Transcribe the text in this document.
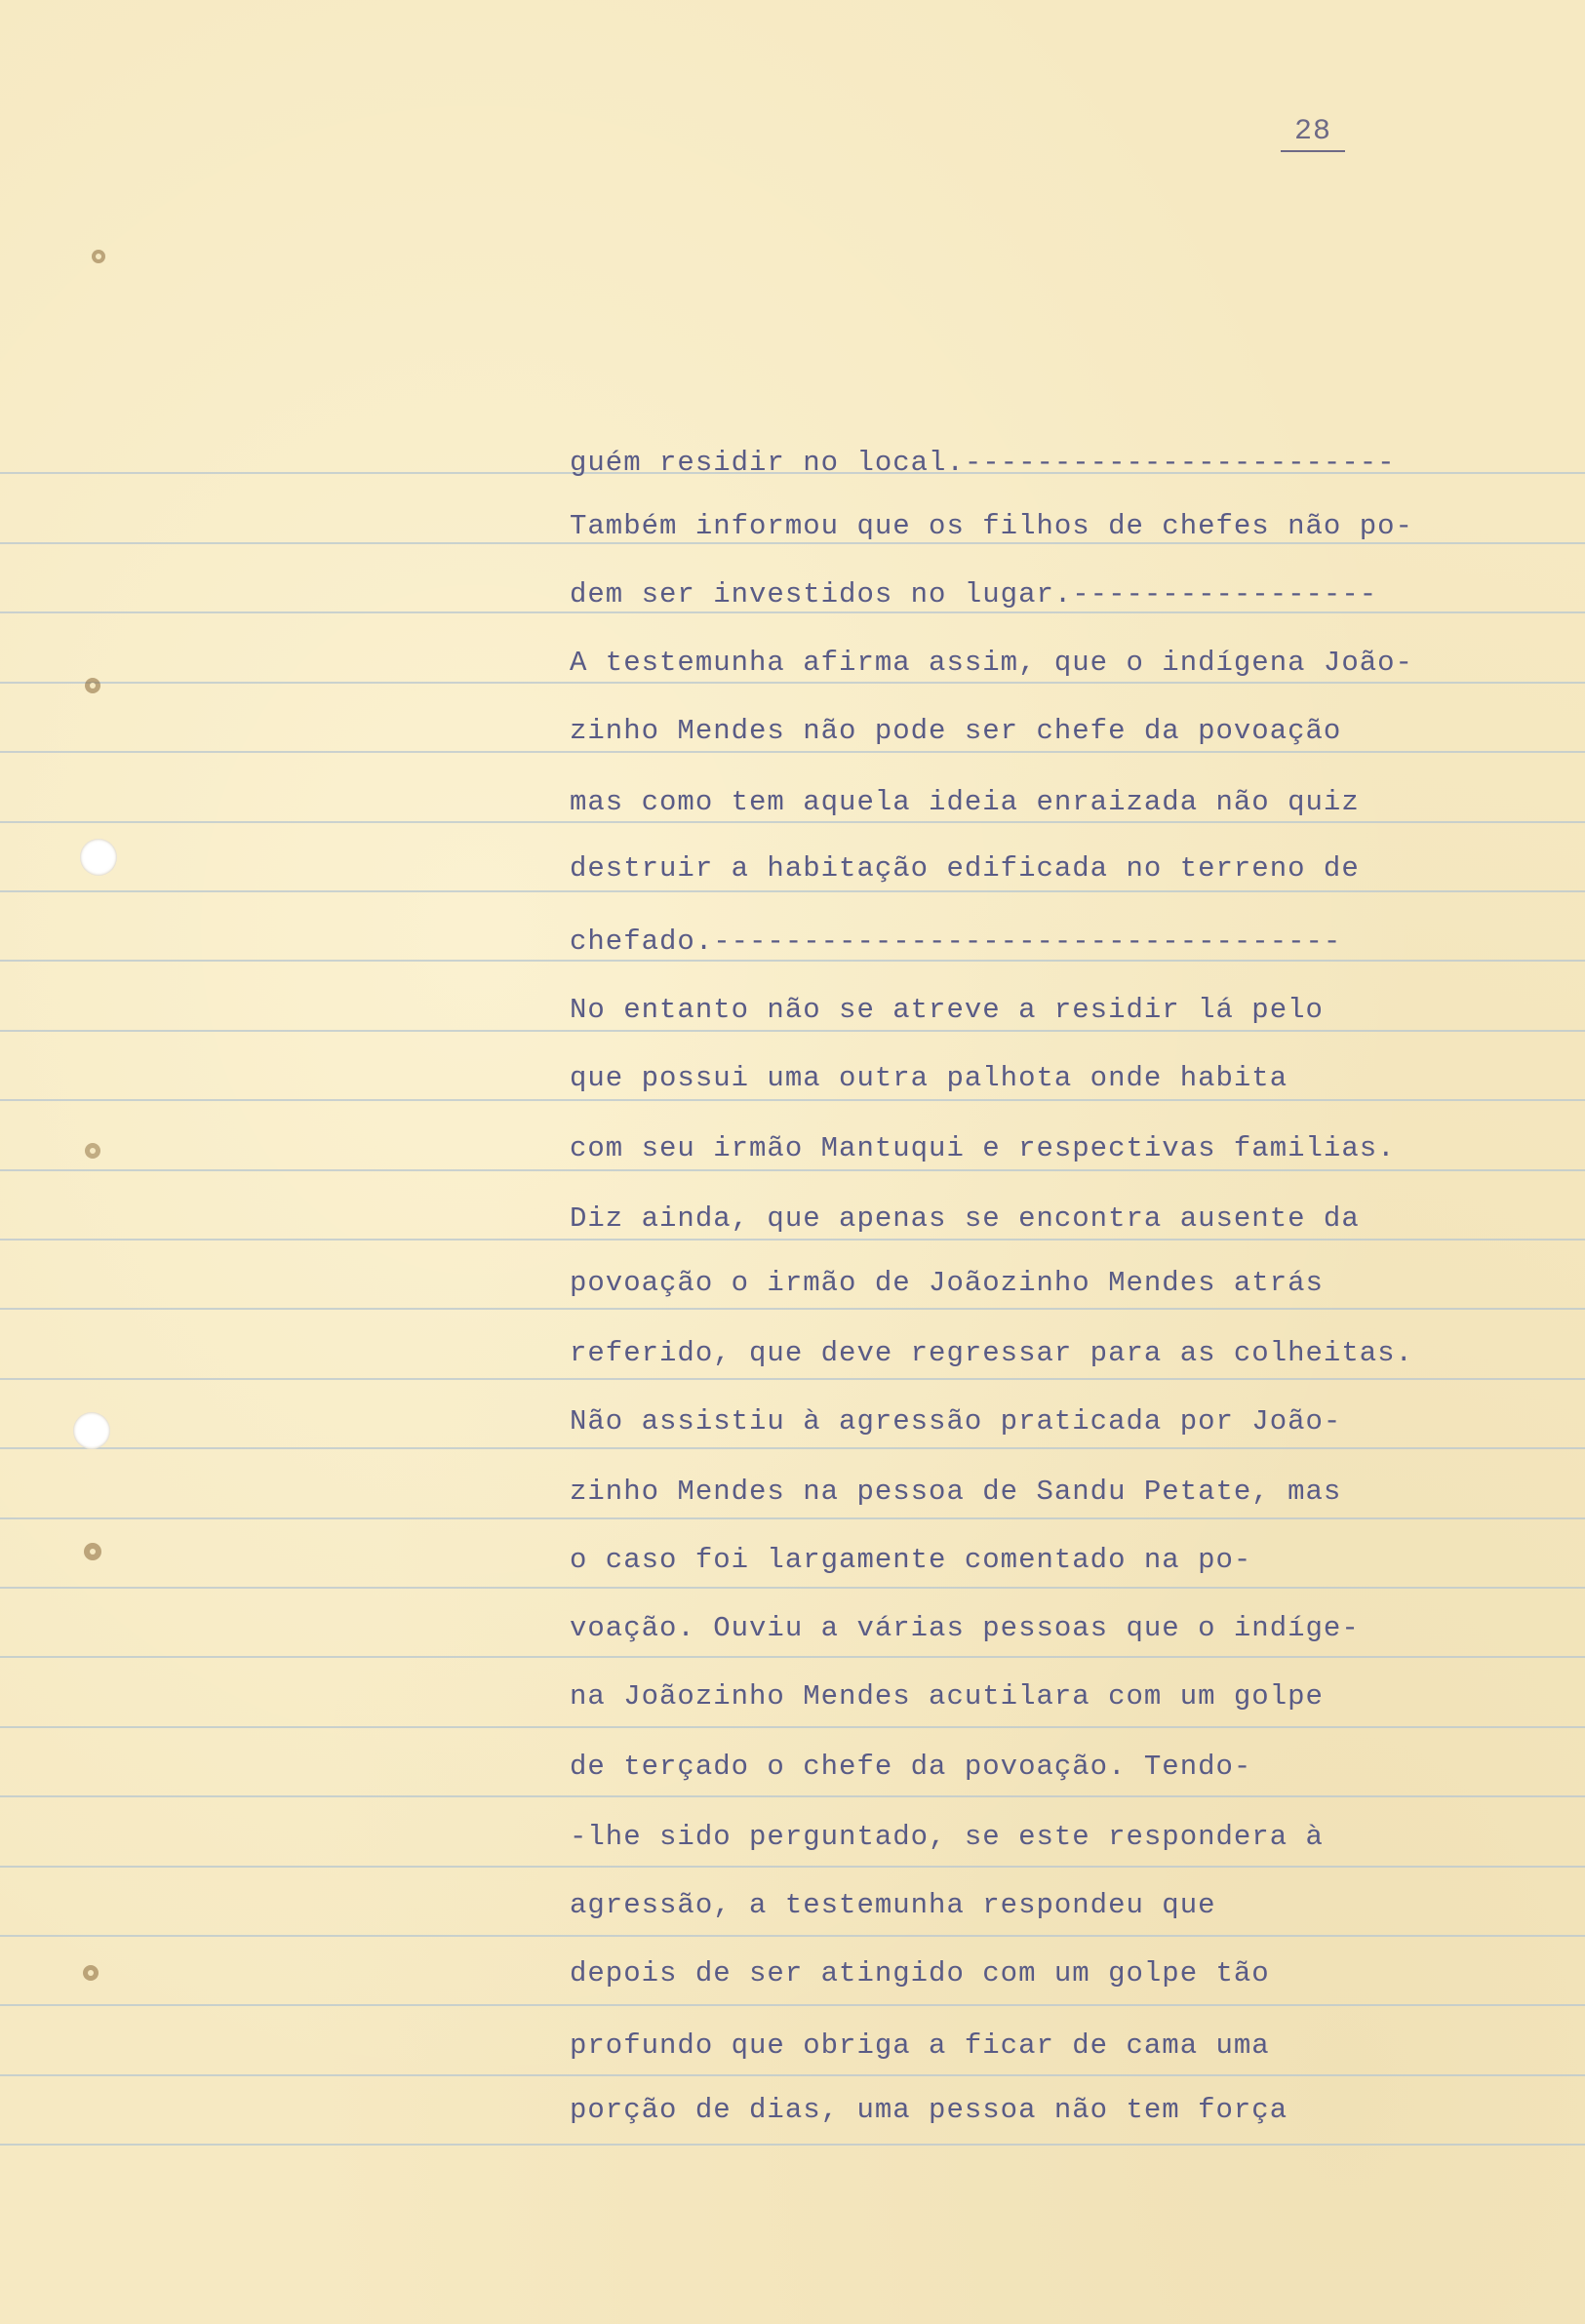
28

guém residir no local.------------------------

Também informou que os filhos de chefes não po-

dem ser investidos no lugar.-----------------

A testemunha afirma assim, que o indígena João-

zinho Mendes não pode ser chefe da povoação

mas como tem aquela ideia enraizada não quiz

destruir a habitação edificada no terreno de

chefado.-----------------------------------

No entanto não se atreve a residir lá pelo

que possui uma outra palhota onde habita

com seu irmão Mantuqui e respectivas familias.

Diz ainda, que apenas se encontra ausente da

povoação o irmão de Joãozinho Mendes atrás

referido, que deve regressar para as colheitas.

Não assistiu à agressão praticada por João-

zinho Mendes na pessoa de Sandu Petate, mas

o caso foi largamente comentado na po-

voação. Ouviu a várias pessoas que o indíge-

na Joãozinho Mendes acutilara com um golpe

de terçado o chefe da povoação. Tendo-

-lhe sido perguntado, se este respondera à

agressão, a testemunha respondeu que

depois de ser atingido com um golpe tão

profundo que obriga a ficar de cama uma

porção de dias, uma pessoa não tem força
